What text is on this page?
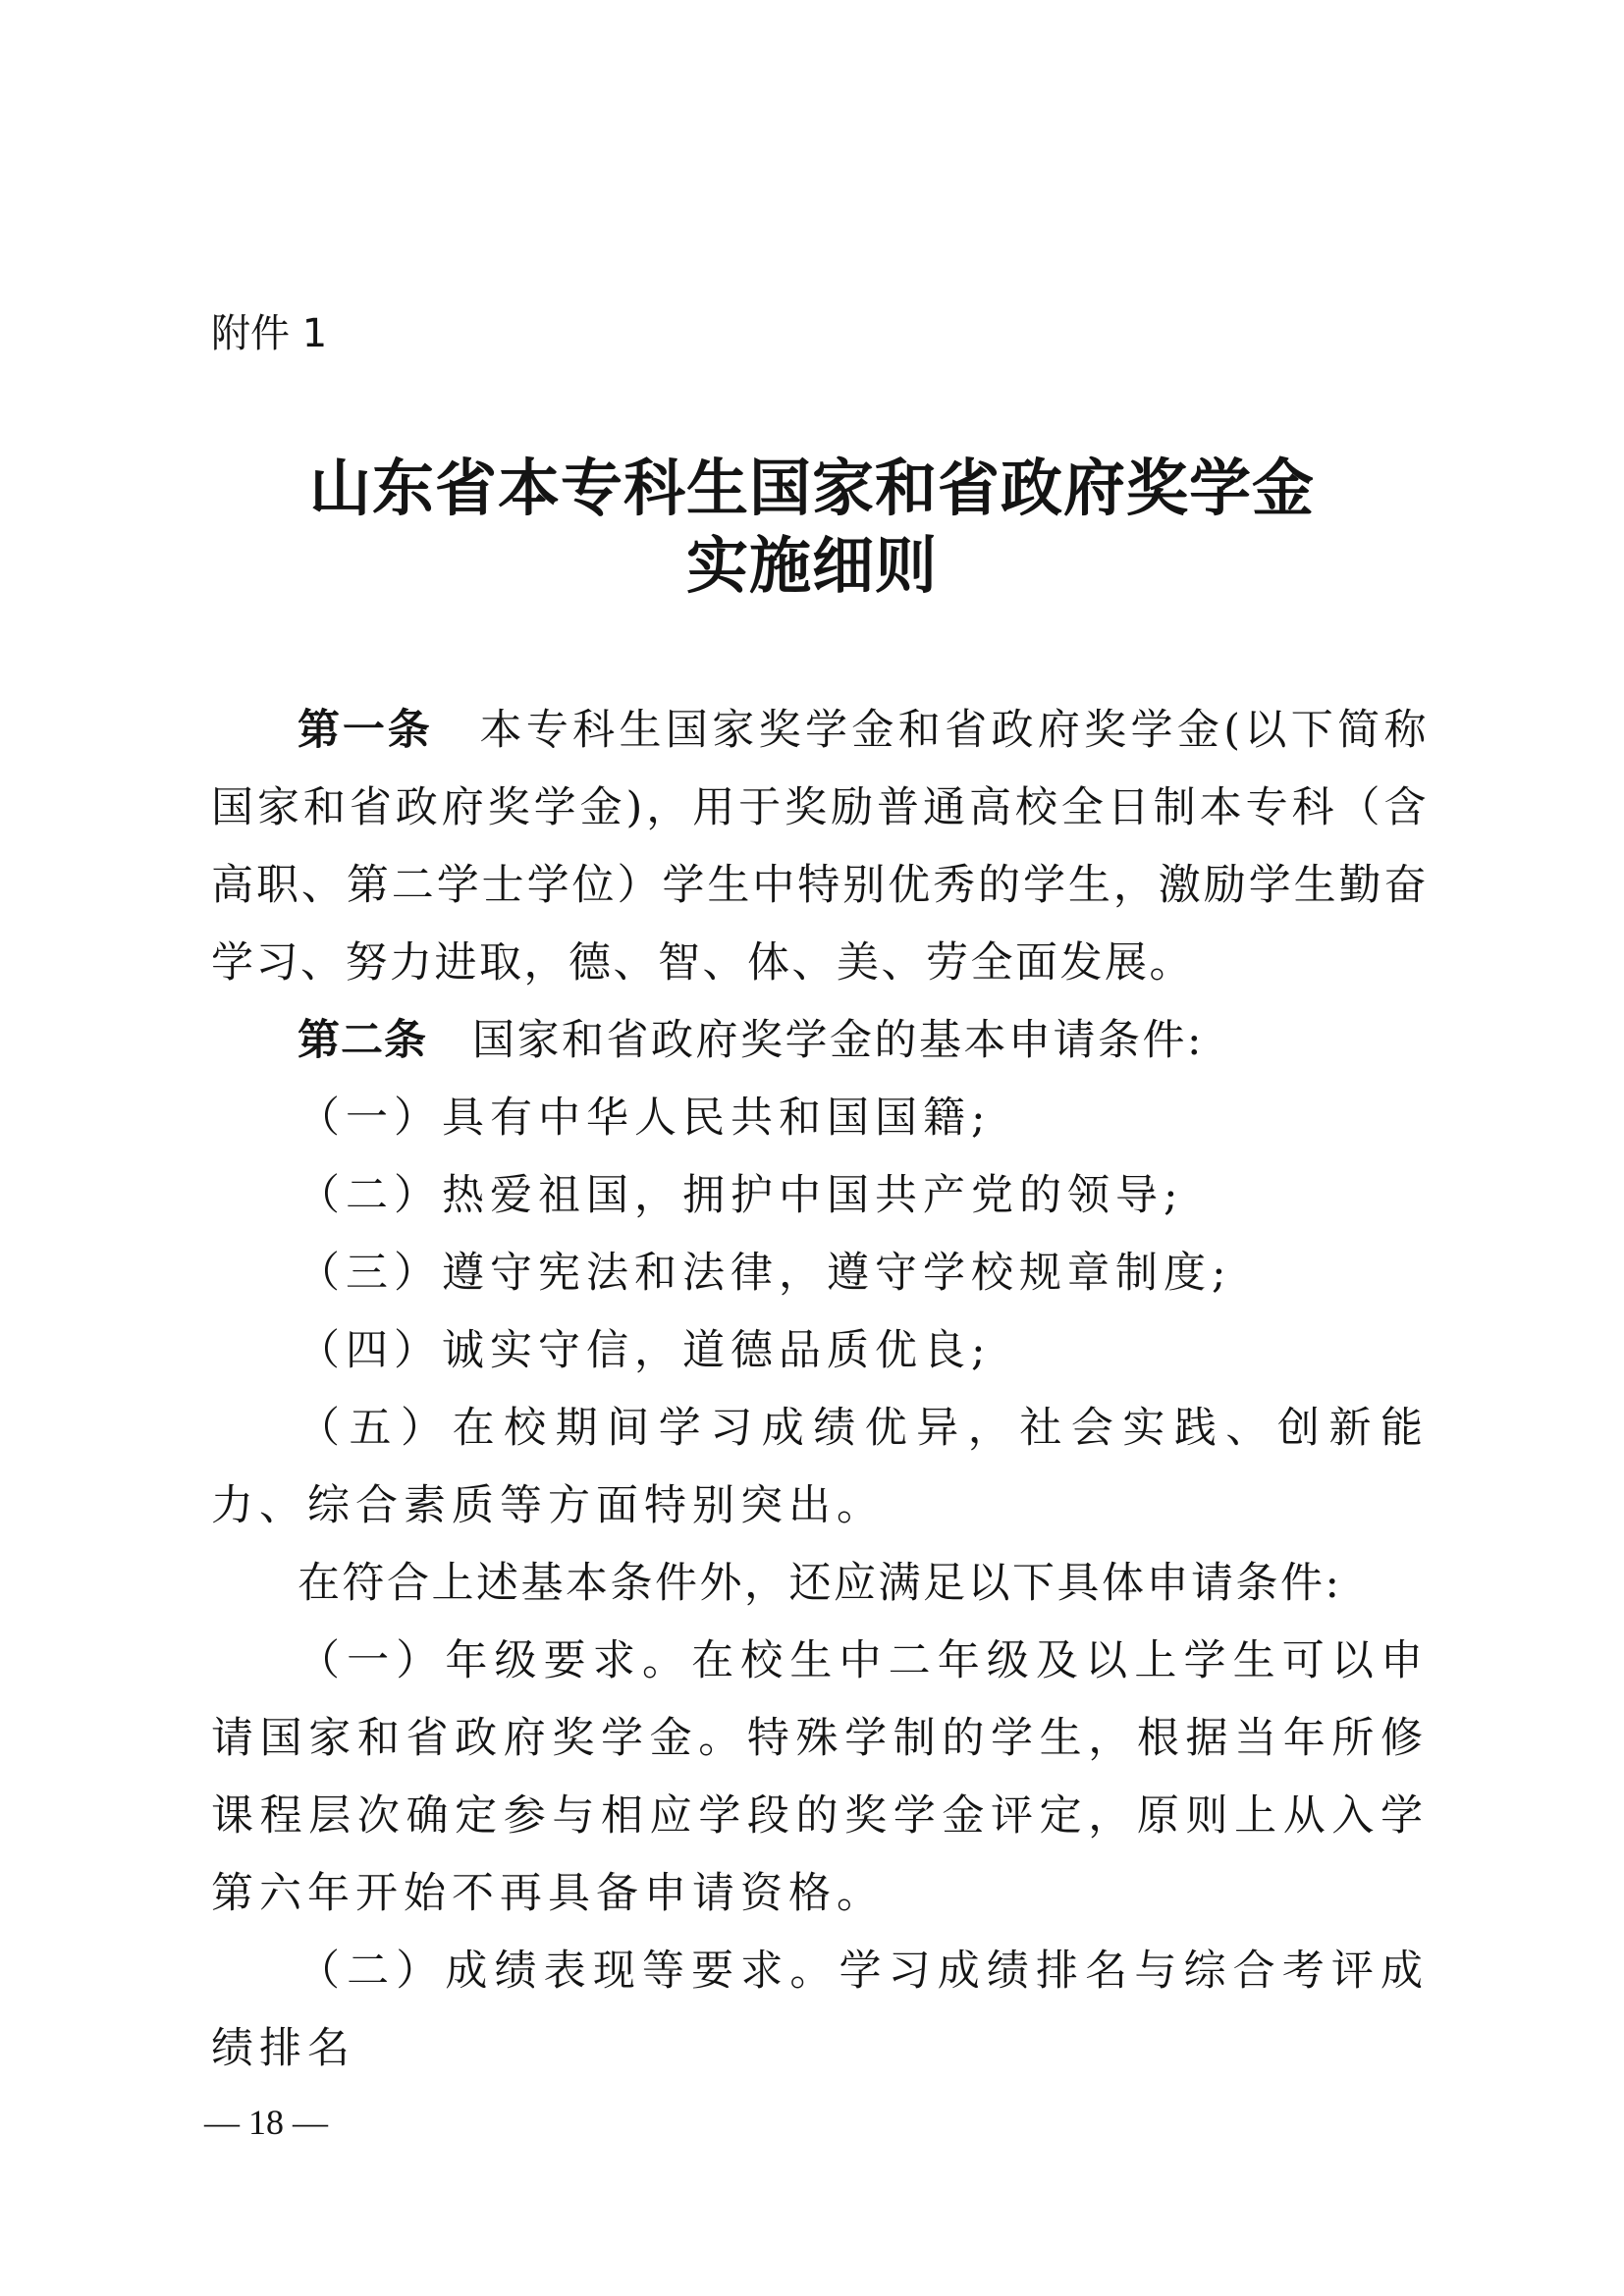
附件 1
山东省本专科生国家和省政府奖学金
实施细则

第一条 本专科生国家奖学金和省政府奖学金(以下简称国家和省政府奖学金)，用于奖励普通高校全日制本专科（含高职、第二学士学位）学生中特别优秀的学生，激励学生勤奋学习、努力进取，德、智、体、美、劳全面发展。

第二条 国家和省政府奖学金的基本申请条件:

（一）具有中华人民共和国国籍;

（二）热爱祖国，拥护中国共产党的领导;

（三）遵守宪法和法律，遵守学校规章制度;

（四）诚实守信，道德品质优良;

（五）在校期间学习成绩优异，社会实践、创新能力、综合素质等方面特别突出。

在符合上述基本条件外，还应满足以下具体申请条件:

（一）年级要求。在校生中二年级及以上学生可以申请国家和省政府奖学金。特殊学制的学生，根据当年所修课程层次确定参与相应学段的奖学金评定，原则上从入学第六年开始不再具备申请资格。

（二）成绩表现等要求。学习成绩排名与综合考评成绩排名

— 18 —
